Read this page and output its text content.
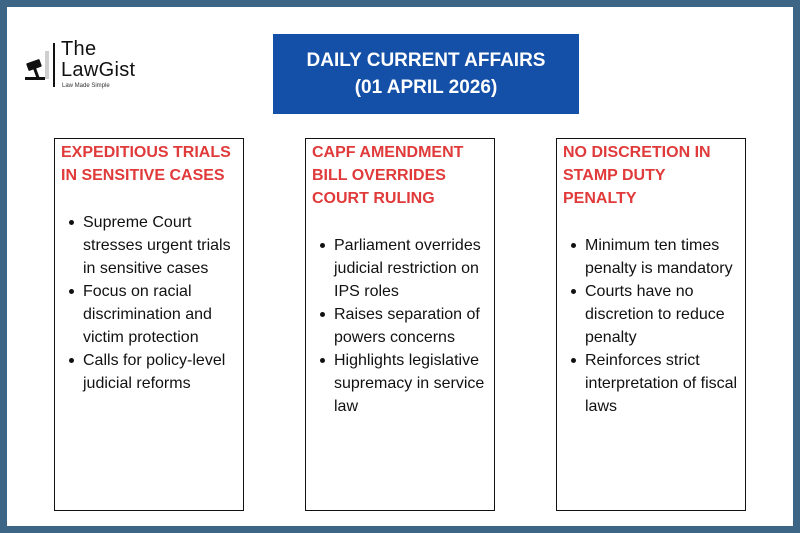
The
LawGist
Law Made Simple
DAILY CURRENT AFFAIRS
(01 APRIL 2026)
EXPEDITIOUS TRIALS IN SENSITIVE CASES
Supreme Court stresses urgent trials in sensitive cases
Focus on racial discrimination and victim protection
Calls for policy-level judicial reforms
CAPF AMENDMENT BILL OVERRIDES COURT RULING
Parliament overrides judicial restriction on IPS roles
Raises separation of powers concerns
Highlights legislative supremacy in service law
NO DISCRETION IN STAMP DUTY PENALTY
Minimum ten times penalty is mandatory
Courts have no discretion to reduce penalty
Reinforces strict interpretation of fiscal laws
